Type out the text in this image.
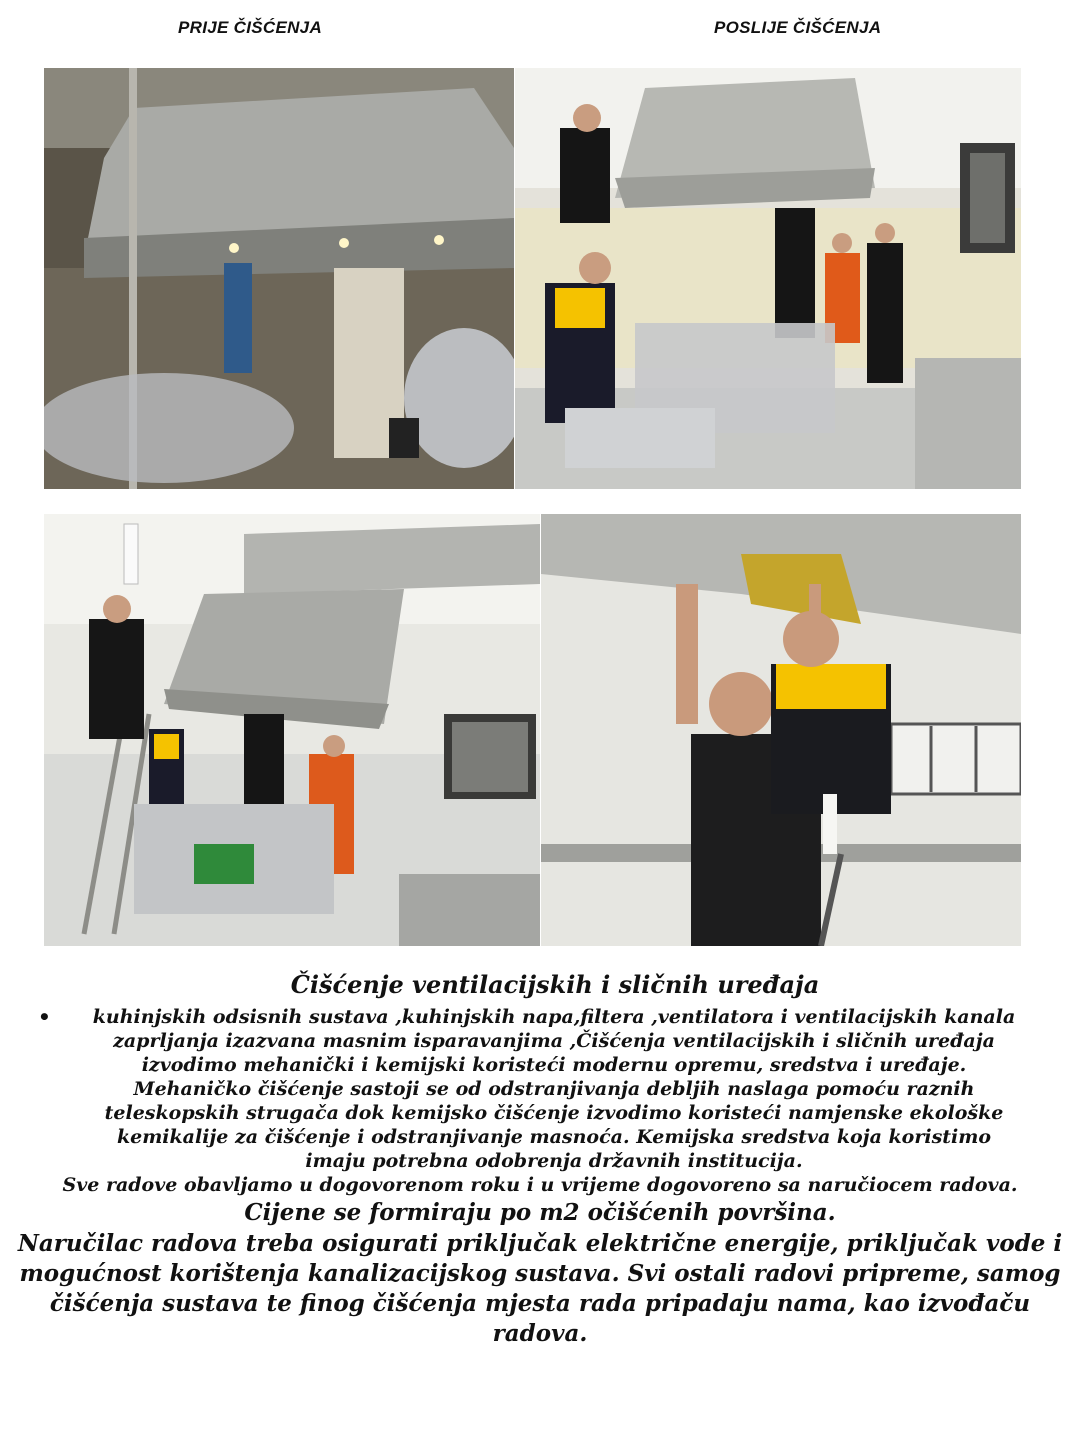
PRIJE ČIŠĆENJA	POSLIJE ČIŠĆENJA

Čišćenje ventilacijskih i sličnih uređaja

•	kuhinjskih odsisnih sustava ,kuhinjskih napa,filtera ,ventilatora i ventilacijskih kanala
zaprljanja izazvana masnim isparavanjima ,Čišćenja ventilacijskih i sličnih uređaja
izvodimo mehanički i kemijski koristeći modernu opremu, sredstva i uređaje.
Mehaničko čišćenje sastoji se od odstranjivanja debljih naslaga pomoću raznih
teleskopskih strugača dok kemijsko čišćenje izvodimo koristeći namjenske ekološke
kemikalije za čišćenje i odstranjivanje masnoća. Kemijska sredstva koja koristimo
imaju potrebna odobrenja državnih institucija.

Sve radove obavljamo u dogovorenom roku i u vrijeme dogovoreno sa naručiocem radova.

Cijene se formiraju po m2 očišćenih površina.

Naručilac radova treba osigurati priključak električne energije, priključak vode i
mogućnost korištenja kanalizacijskog sustava. Svi ostali radovi pripreme, samog
čišćenja sustava te finog čišćenja mjesta rada pripadaju nama, kao izvođaču
radova.
